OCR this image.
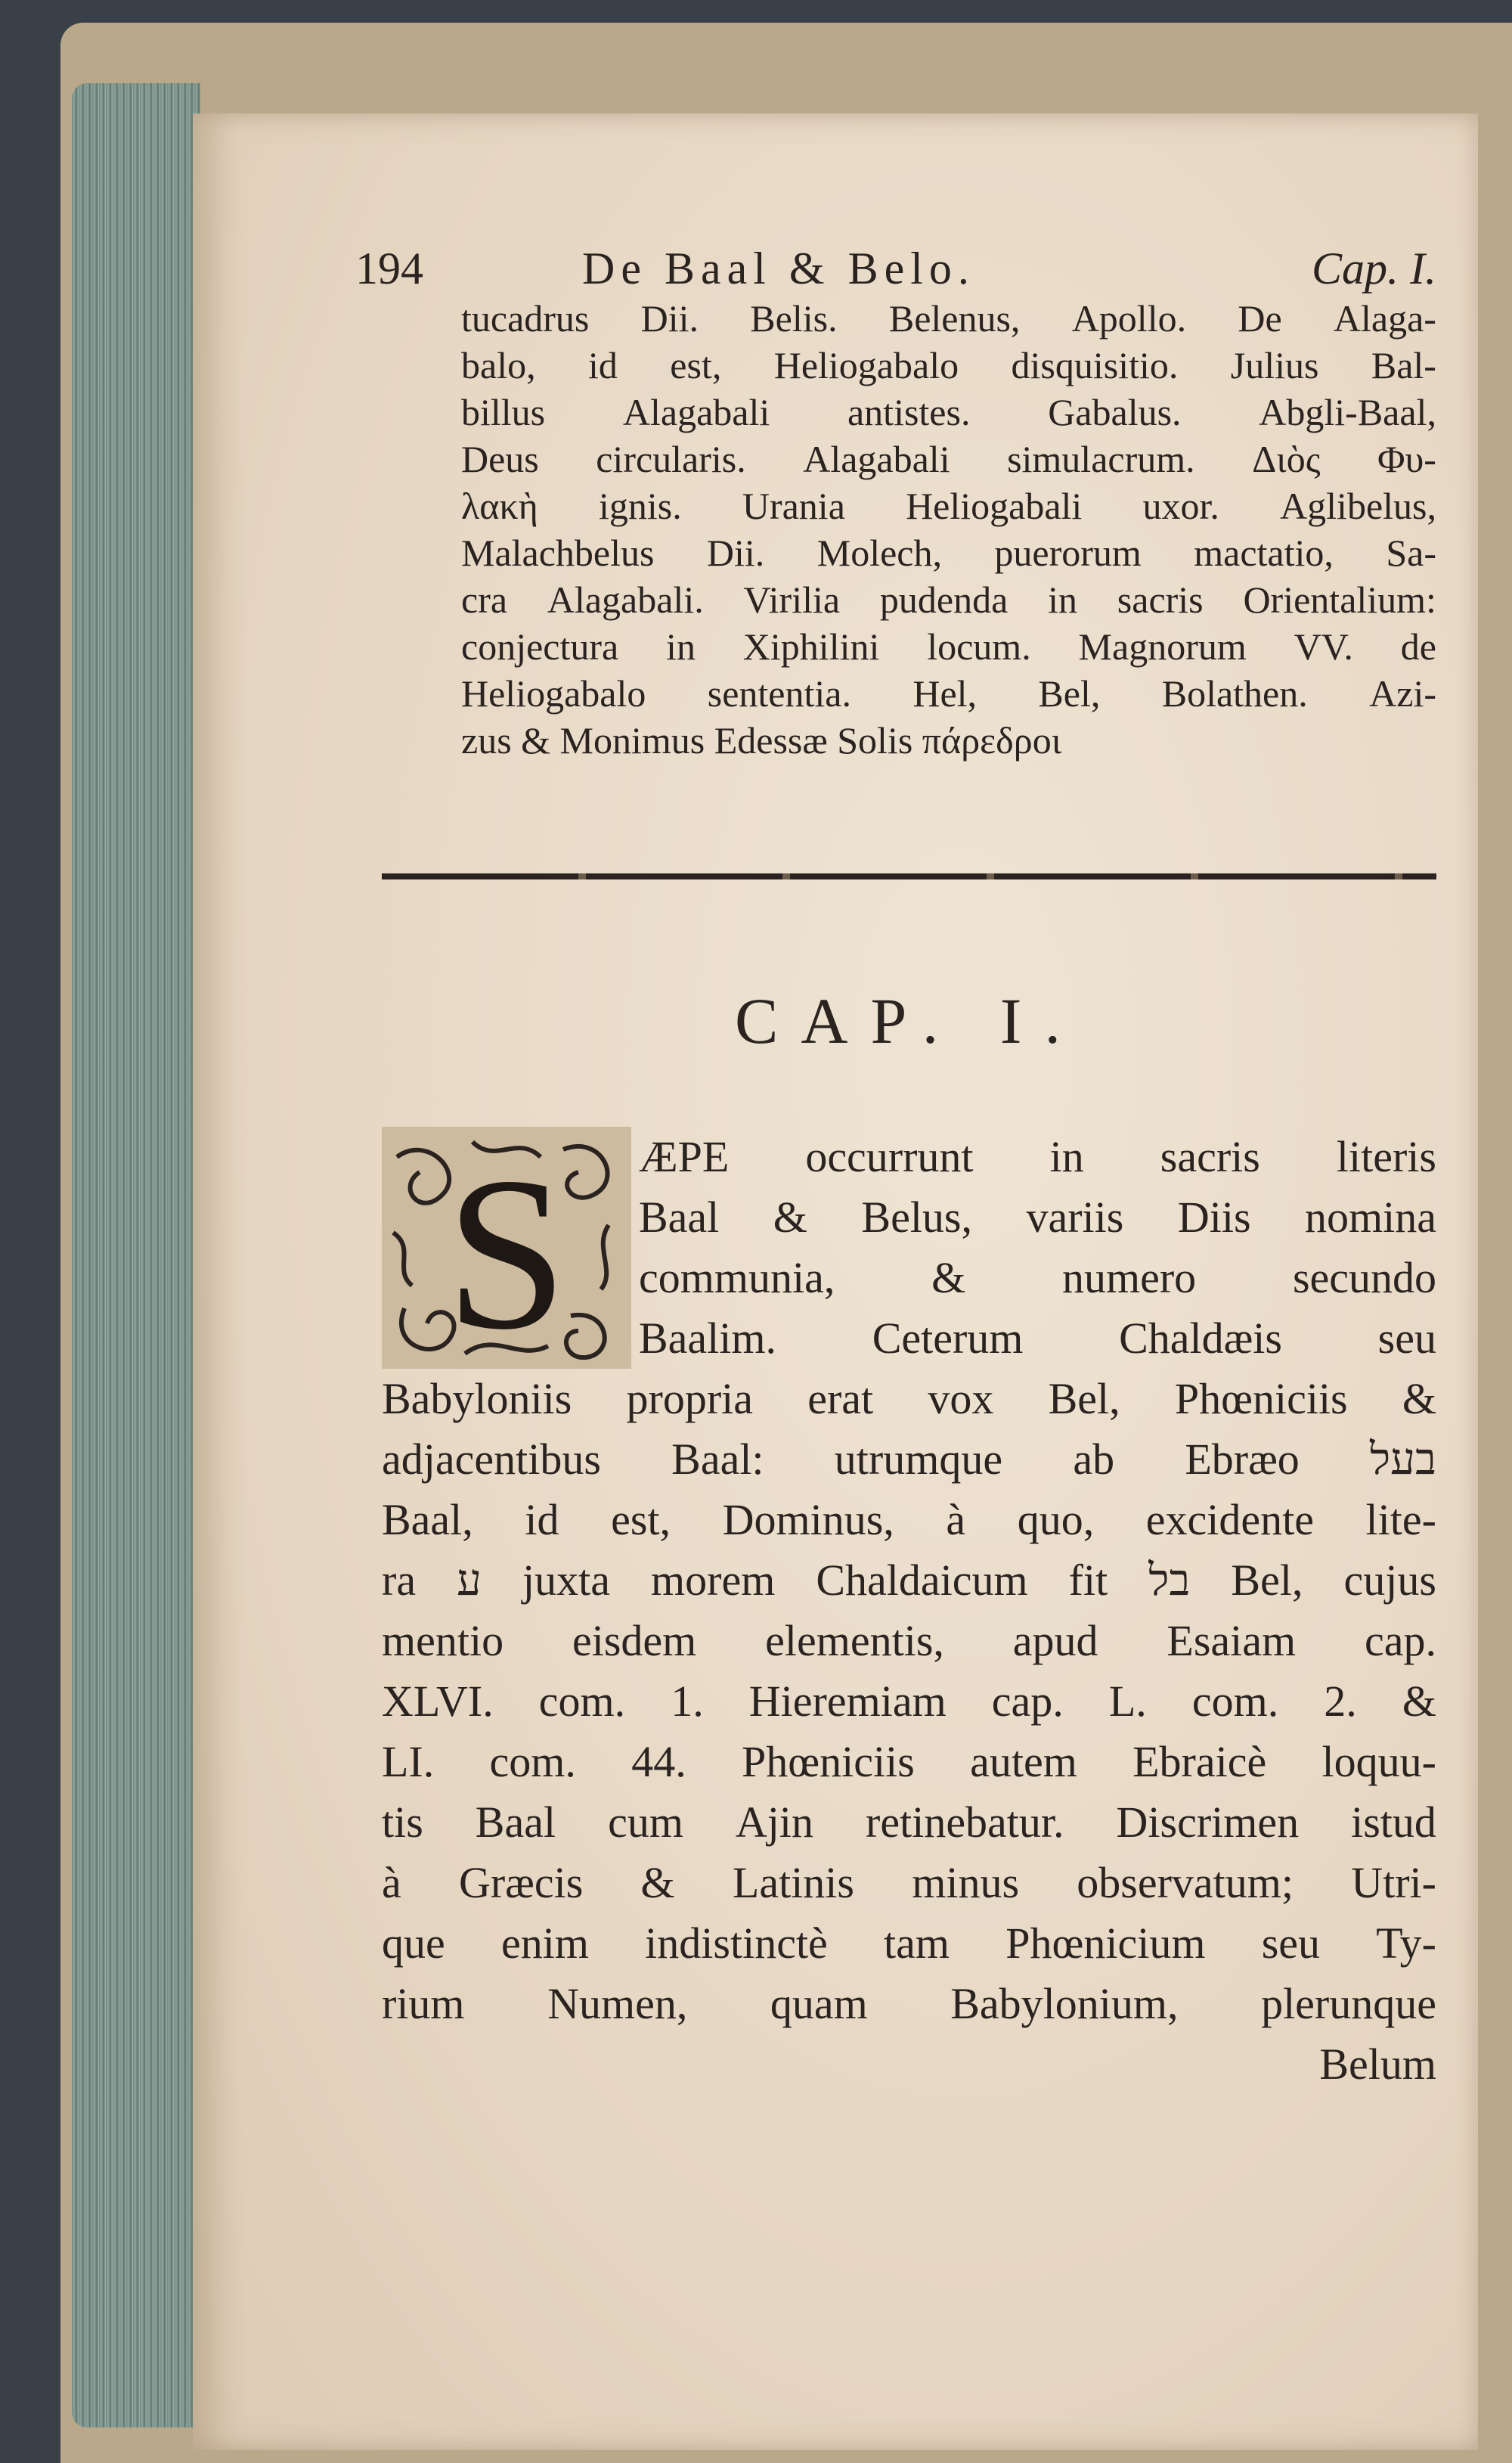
194	De Baal & Belo.	Cap. I.
tucadrus Dii. Belis. Belenus, Apollo. De Alaga-
balo, id est, Heliogabalo disquisitio. Julius Bal-
billus Alagabali antistes. Gabalus. Abgli-Baal,
Deus circularis. Alagabali simulacrum. Διὸς Φυ-
λακὴ ignis. Urania Heliogabali uxor. Aglibelus,
Malachbelus Dii. Molech, puerorum mactatio, Sa-
cra Alagabali. Virilia pudenda in sacris Orientalium:
conjectura in Xiphilini locum. Magnorum VV. de
Heliogabalo sententia. Hel, Bel, Bolathen. Azi-
zus & Monimus Edessæ Solis πάρεδροι
CAP. I.
S ÆPE occurrunt in sacris literis
Baal & Belus, variis Diis nomina
communia, & numero secundo
Baalim. Ceterum Chaldæis seu
Babyloniis propria erat vox Bel, Phœniciis &
adjacentibus Baal: utrumque ab Ebræo בעל
Baal, id est, Dominus, à quo, excidente lite-
ra ע juxta morem Chaldaicum fit בל Bel, cujus
mentio eisdem elementis, apud Esaiam cap.
XLVI. com. 1. Hieremiam cap. L. com. 2. &
LI. com. 44. Phœniciis autem Ebraicè loquu-
tis Baal cum Ajin retinebatur. Discrimen istud
à Græcis & Latinis minus observatum; Utri-
que enim indistinctè tam Phœnicium seu Ty-
rium Numen, quam Babylonium, plerunque
Belum
